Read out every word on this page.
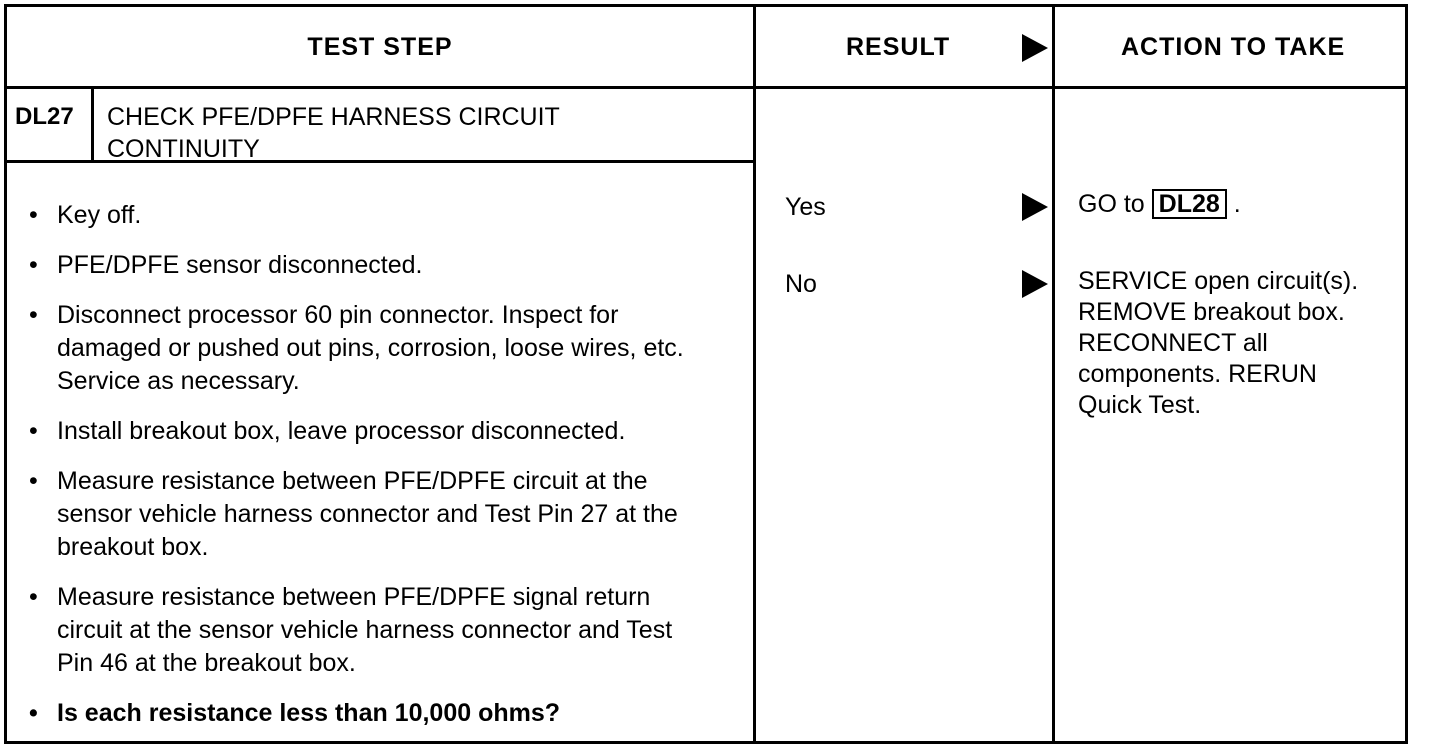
TEST STEP	RESULT	ACTION TO TAKE
DL27 CHECK PFE/DPFE HARNESS CIRCUIT CONTINUITY
• Key off.
• PFE/DPFE sensor disconnected.
• Disconnect processor 60 pin connector. Inspect for damaged or pushed out pins, corrosion, loose wires, etc. Service as necessary.
• Install breakout box, leave processor disconnected.
• Measure resistance between PFE/DPFE circuit at the sensor vehicle harness connector and Test Pin 27 at the breakout box.
• Measure resistance between PFE/DPFE signal return circuit at the sensor vehicle harness connector and Test Pin 46 at the breakout box.
• Is each resistance less than 10,000 ohms?
Yes	GO to DL28 .
No	SERVICE open circuit(s). REMOVE breakout box. RECONNECT all components. RERUN Quick Test.
